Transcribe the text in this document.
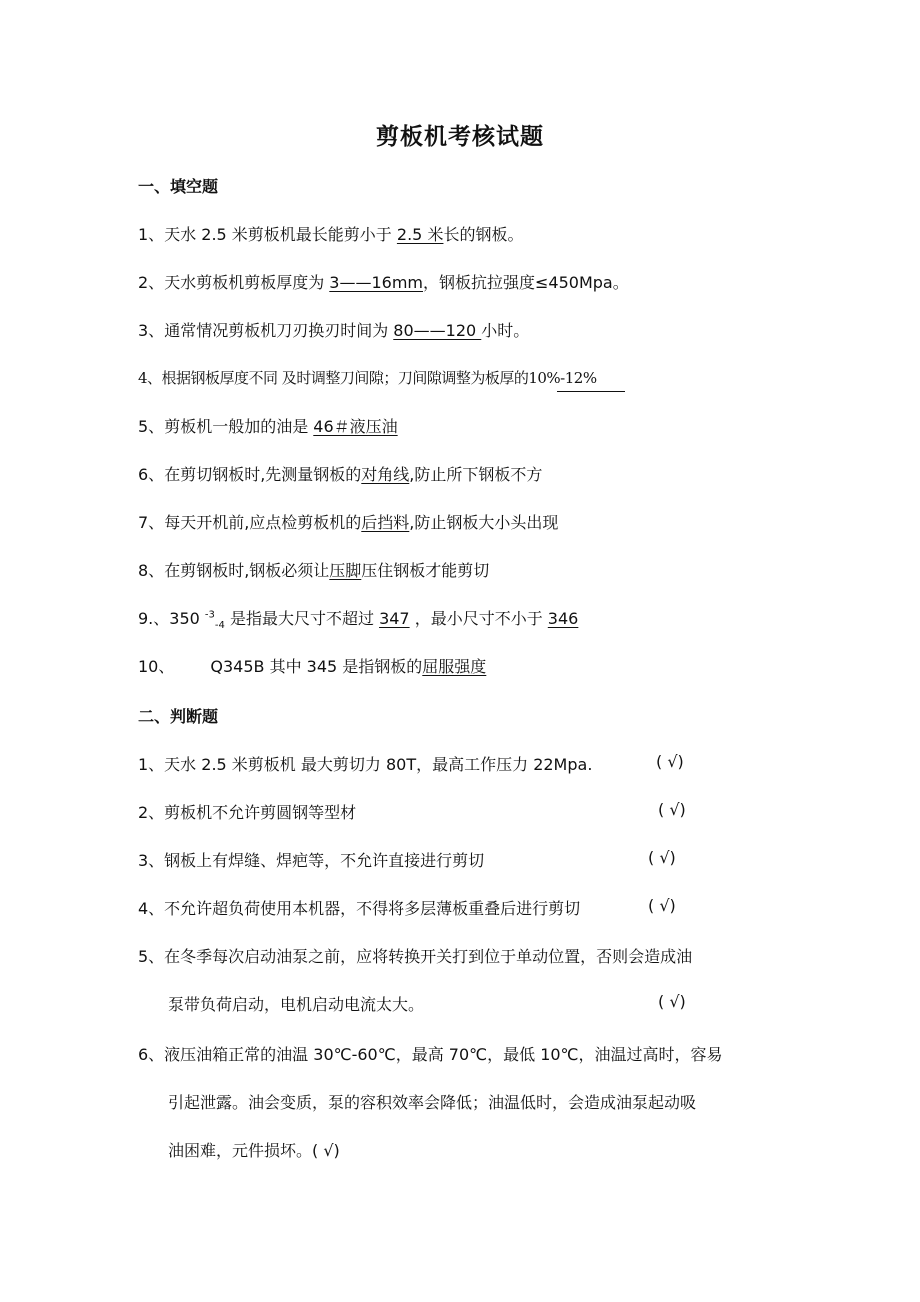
剪板机考核试题
一、填空题
1、天水 2.5 米剪板机最长能剪小于 2.5 米长的钢板。
2、天水剪板机剪板厚度为 3——16mm，钢板抗拉强度≤450Mpa。
3、通常情况剪板机刀刃换刃时间为 80——120 小时。
4、根据钢板厚度不同 及时调整刀间隙；刀间隙调整为板厚的10%-12%
5、剪板机一般加的油是 46＃液压油
6、在剪切钢板时,先测量钢板的对角线,防止所下钢板不方
7、每天开机前,应点检剪板机的后挡料,防止钢板大小头出现
8、在剪钢板时,钢板必须让压脚压住钢板才能剪切
9.、350 $^{-3}_{-4}$ 是指最大尺寸不超过 347 ，最小尺寸不小于 346
10、 Q345B 其中 345 是指钢板的屈服强度
二、判断题
1、天水 2.5 米剪板机 最大剪切力 80T，最高工作压力 22Mpa.	( √)
2、剪板机不允许剪圆钢等型材	( √)
3、钢板上有焊缝、焊疤等，不允许直接进行剪切	( √)
4、不允许超负荷使用本机器，不得将多层薄板重叠后进行剪切	( √)
5、在冬季每次启动油泵之前，应将转换开关打到位于单动位置，否则会造成油
泵带负荷启动，电机启动电流太大。	( √)
6、液压油箱正常的油温 30℃-60℃，最高 70℃，最低 10℃，油温过高时，容易
引起泄露。油会变质，泵的容积效率会降低；油温低时，会造成油泵起动吸
油困难，元件损坏。( √)
